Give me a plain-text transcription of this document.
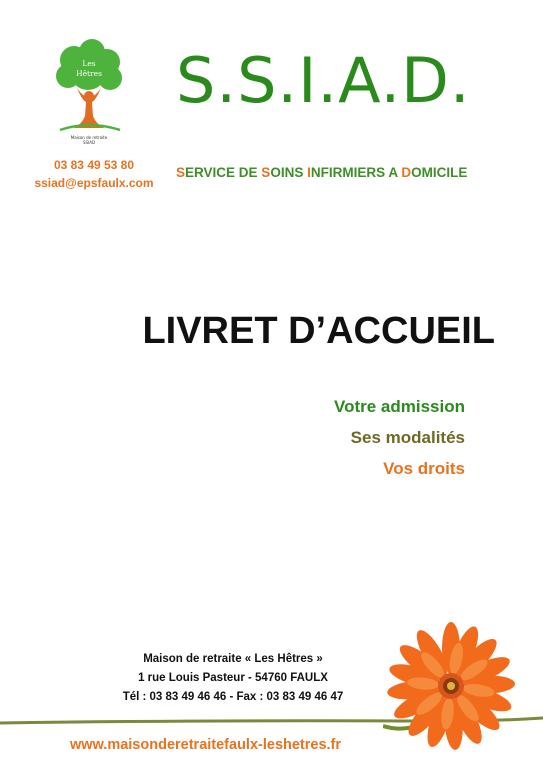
Les
Hêtres
Maison de retraite
SSIAD
S.S.I.A.D.
SERVICE DE SOINS INFIRMIERS A DOMICILE
03 83 49 53 80
ssiad@epsfaulx.com
LIVRET D’ACCUEIL
Votre admission
Ses modalités
Vos droits
Maison de retraite « Les Hêtres »
1 rue Louis Pasteur - 54760 FAULX
Tél : 03 83 49 46 46 - Fax : 03 83 49 46 47
www.maisonderetraitefaulx-leshetres.fr
